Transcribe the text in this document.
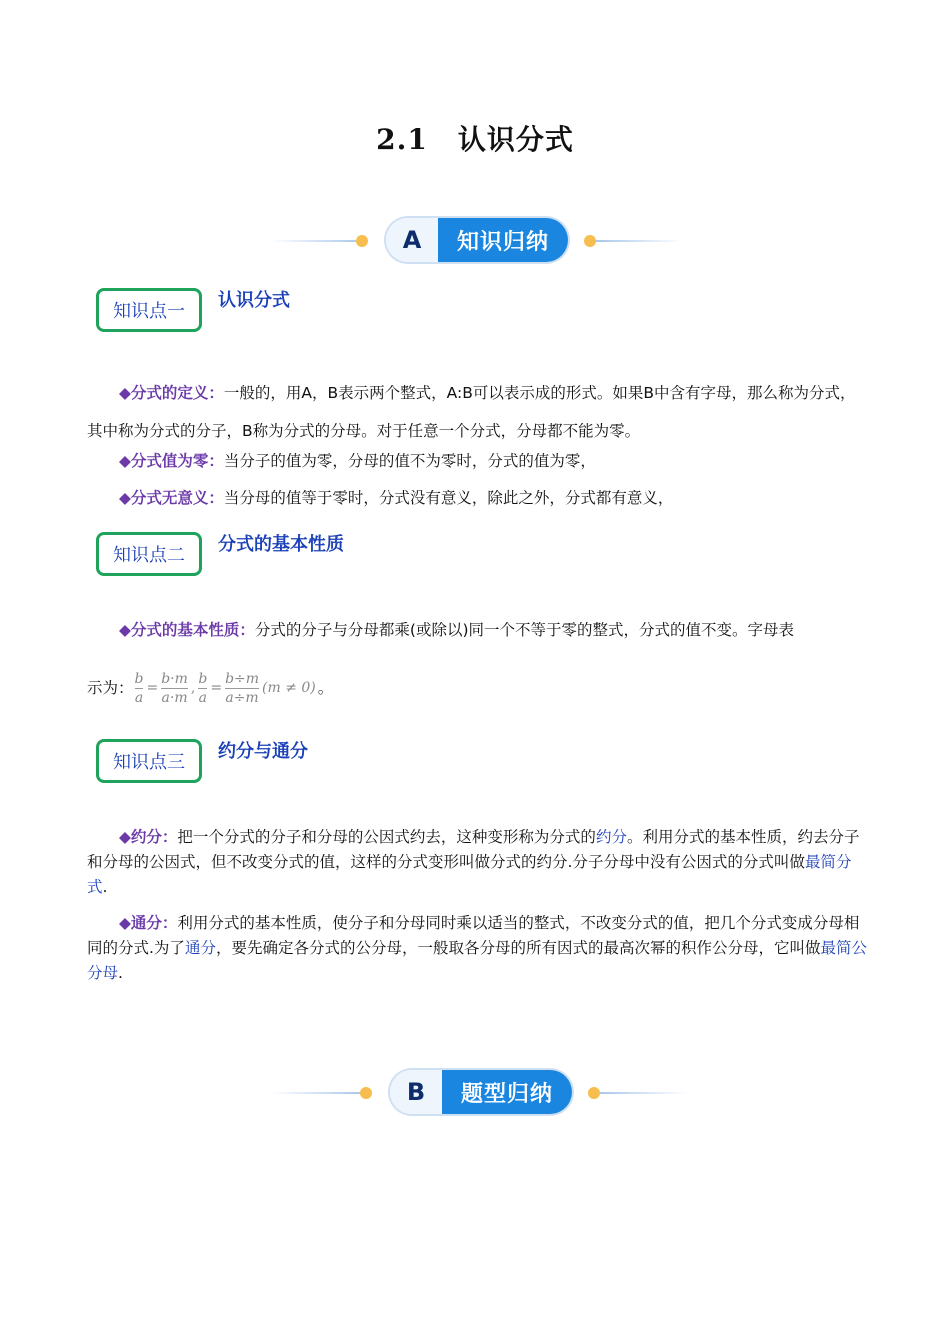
2.1 认识分式
A	知识归纳
知识点一
认识分式
◆分式的定义：一般的，用A，B表示两个整式，A:B可以表示成的形式。如果B中含有字母，那么称为分式，其中称为分式的分子，B称为分式的分母。对于任意一个分式，分母都不能为零。
◆分式值为零：当分子的值为零，分母的值不为零时，分式的值为零，
◆分式无意义：当分母的值等于零时，分式没有意义，除此之外，分式都有意义，
知识点二
分式的基本性质
◆分式的基本性质：分式的分子与分母都乘(或除以)同一个不等于零的整式，分式的值不变。字母表
示为： $\frac{b}{a} = \frac{b\cdot m}{a\cdot m}$ , $\frac{b}{a} = \frac{b\div m}{a\div m} (m \ne 0)$ 。
知识点三
约分与通分
◆约分：把一个分式的分子和分母的公因式约去，这种变形称为分式的约分。利用分式的基本性质，约去分子和分母的公因式，但不改变分式的值，这样的分式变形叫做分式的约分.分子分母中没有公因式的分式叫做最简分式.
◆通分：利用分式的基本性质，使分子和分母同时乘以适当的整式，不改变分式的值，把几个分式变成分母相同的分式.为了通分，要先确定各分式的公分母，一般取各分母的所有因式的最高次幂的积作公分母，它叫做最简公分母.
B	题型归纳
